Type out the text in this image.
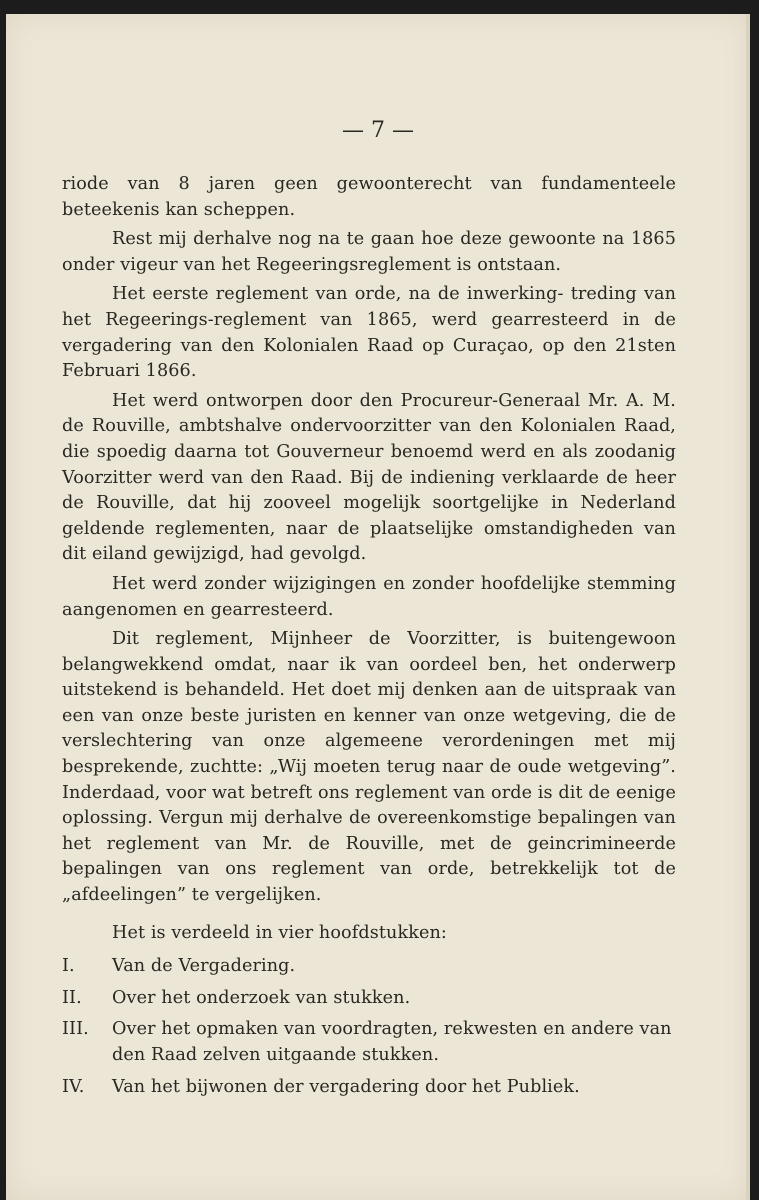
— 7 —

riode van 8 jaren geen gewoonterecht van fundamenteele beteekenis kan scheppen.

Rest mij derhalve nog na te gaan hoe deze gewoonte na 1865 onder vigeur van het Regeeringsreglement is ontstaan.

Het eerste reglement van orde, na de inwerking- treding van het Regeerings-reglement van 1865, werd gearresteerd in de vergadering van den Kolonialen Raad op Curaçao, op den 21sten Februari 1866.

Het werd ontworpen door den Procureur-Generaal Mr. A. M. de Rouville, ambtshalve ondervoorzitter van den Kolonialen Raad, die spoedig daarna tot Gouverneur benoemd werd en als zoodanig Voorzitter werd van den Raad. Bij de indiening verklaarde de heer de Rouville, dat hij zooveel mogelijk soortgelijke in Nederland geldende reglementen, naar de plaatselijke omstandigheden van dit eiland gewijzigd, had gevolgd.

Het werd zonder wijzigingen en zonder hoofdelijke stemming aangenomen en gearresteerd.

Dit reglement, Mijnheer de Voorzitter, is buitengewoon belangwekkend omdat, naar ik van oordeel ben, het onderwerp uitstekend is behandeld. Het doet mij denken aan de uitspraak van een van onze beste juristen en kenner van onze wetgeving, die de verslechtering van onze algemeene verordeningen met mij besprekende, zuchtte: „Wij moeten terug naar de oude wetgeving”. Inderdaad, voor wat betreft ons reglement van orde is dit de eenige oplossing. Vergun mij derhalve de overeenkomstige bepalingen van het reglement van Mr. de Rouville, met de geincrimineerde bepalingen van ons reglement van orde, betrekkelijk tot de „afdeelingen” te vergelijken.

Het is verdeeld in vier hoofdstukken:

I.	Van de Vergadering.
II.	Over het onderzoek van stukken.
III.	Over het opmaken van voordragten, rekwesten en andere van den Raad zelven uitgaande stukken.
IV.	Van het bijwonen der vergadering door het Publiek.
